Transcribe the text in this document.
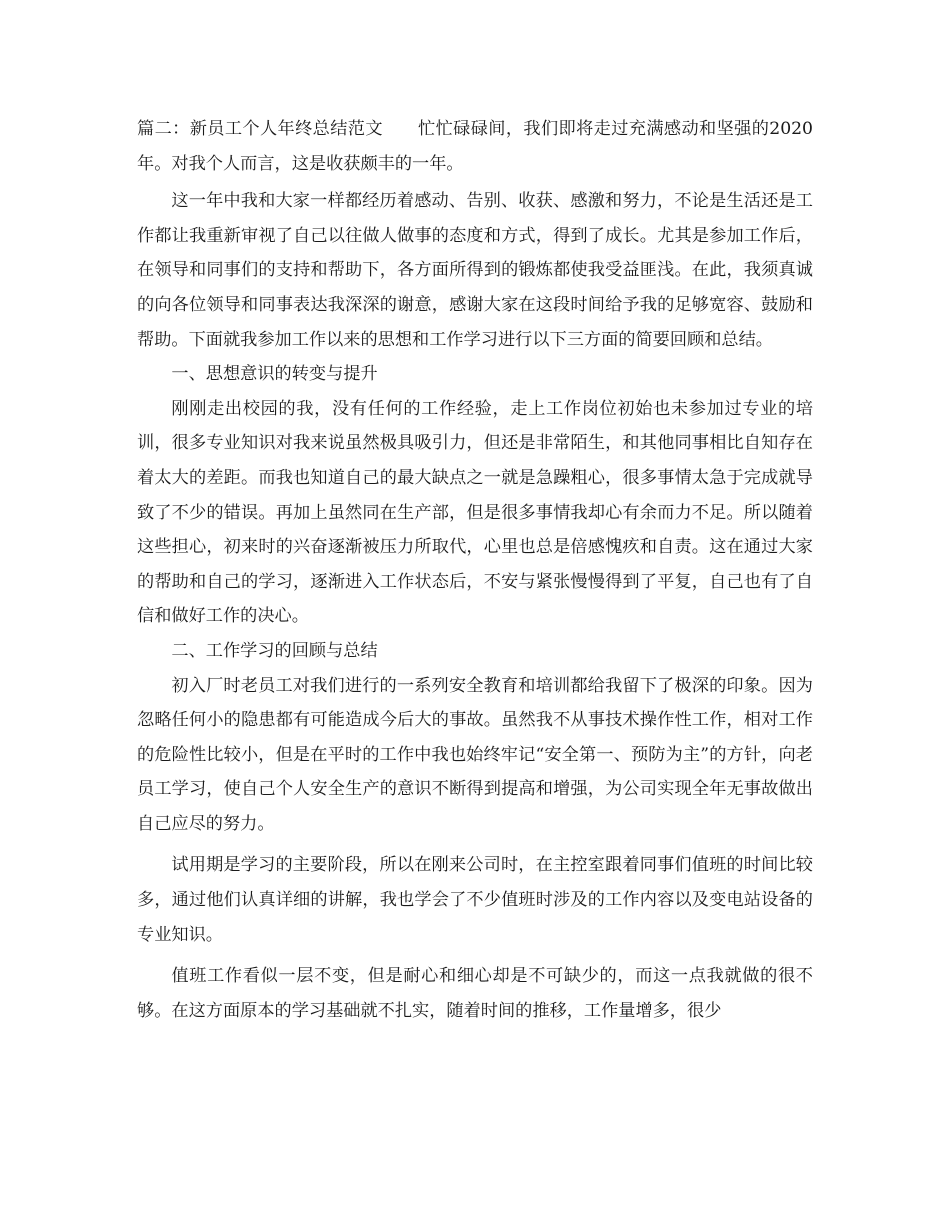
篇二：新员工个人年终总结范文　　忙忙碌碌间，我们即将走过充满感动和坚强的2020年。对我个人而言，这是收获颇丰的一年。

这一年中我和大家一样都经历着感动、告别、收获、感激和努力，不论是生活还是工作都让我重新审视了自己以往做人做事的态度和方式，得到了成长。尤其是参加工作后，在领导和同事们的支持和帮助下，各方面所得到的锻炼都使我受益匪浅。在此，我须真诚的向各位领导和同事表达我深深的谢意，感谢大家在这段时间给予我的足够宽容、鼓励和帮助。下面就我参加工作以来的思想和工作学习进行以下三方面的简要回顾和总结。

一、思想意识的转变与提升

刚刚走出校园的我，没有任何的工作经验，走上工作岗位初始也未参加过专业的培训，很多专业知识对我来说虽然极具吸引力，但还是非常陌生，和其他同事相比自知存在着太大的差距。而我也知道自己的最大缺点之一就是急躁粗心，很多事情太急于完成就导致了不少的错误。再加上虽然同在生产部，但是很多事情我却心有余而力不足。所以随着这些担心，初来时的兴奋逐渐被压力所取代，心里也总是倍感愧疚和自责。这在通过大家的帮助和自己的学习，逐渐进入工作状态后，不安与紧张慢慢得到了平复，自己也有了自信和做好工作的决心。

二、工作学习的回顾与总结

初入厂时老员工对我们进行的一系列安全教育和培训都给我留下了极深的印象。因为忽略任何小的隐患都有可能造成今后大的事故。虽然我不从事技术操作性工作，相对工作的危险性比较小，但是在平时的工作中我也始终牢记“安全第一、预防为主”的方针，向老员工学习，使自己个人安全生产的意识不断得到提高和增强，为公司实现全年无事故做出自己应尽的努力。

试用期是学习的主要阶段，所以在刚来公司时，在主控室跟着同事们值班的时间比较多，通过他们认真详细的讲解，我也学会了不少值班时涉及的工作内容以及变电站设备的专业知识。

值班工作看似一层不变，但是耐心和细心却是不可缺少的，而这一点我就做的很不够。在这方面原本的学习基础就不扎实，随着时间的推移，工作量增多，很少
